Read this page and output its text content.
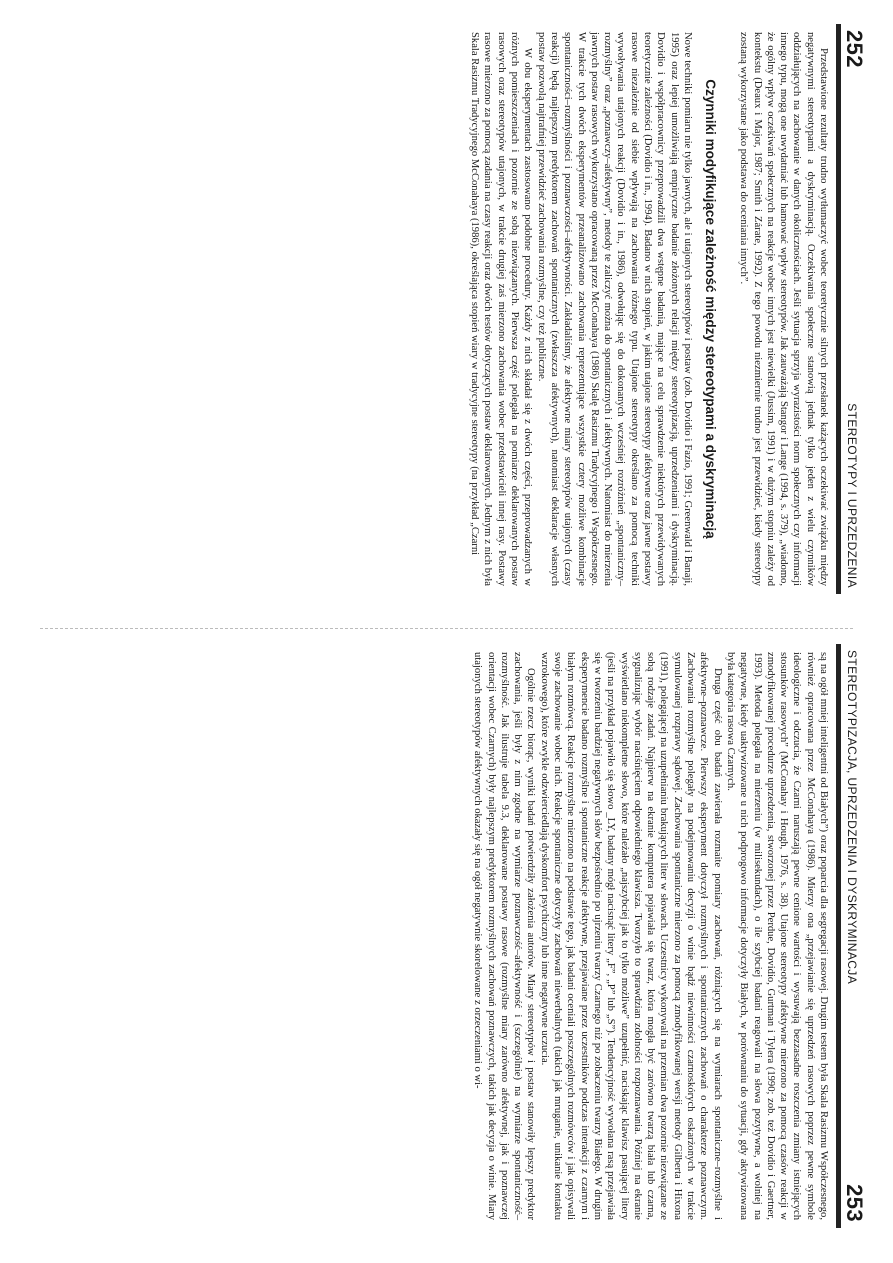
252
STEREOTYPY I UPRZEDZENIA

Przedstawione rezultaty trudno wytłumaczyć wobec teoretycznie silnych przesłanek każących oczekiwać związku między negatywnymi stereotypami a dyskryminacją. Oczekiwania społeczne stanowią jednak tylko jeden z wielu czynników oddziałujących na zachowanie w danych okolicznościach. Jeśli sytuacja sprzyja wyrazistości norm społecznych czy informacji innego typu, mogą one uwydatniać lub hamować wpływ stereotypów. Jak zauważają Stangor i Lange (1994, s. 379), „wiadomo, że ogólny wpływ oczekiwań społecznych na reakcje wobec innych jest niewielki (Jussim, 1991) i w dużym stopniu zależy od kontekstu (Deaux i Major, 1987; Smith i Zárate, 1992). Z tego powodu niezmiernie trudno jest przewidzieć, kiedy stereotypy zostaną wykorzystane jako podstawa do oceniania innych”.

Czynniki modyfikujące zależność między stereotypami a dyskryminacją

Nowe techniki pomiaru nie tylko jawnych, ale i utajonych stereotypów i postaw (zob. Dovidio i Fazio, 1991; Greenwald i Banaji, 1995) oraz lepiej umożliwiają empiryczne badanie złożonych relacji między stereotypizacją, uprzedzeniami i dyskryminacją. Dovidio i współpracownicy przeprowadzili dwa wstępne badania, mające na celu sprawdzenie niektórych przewidywanych teoretycznie zależności (Dovidio i in., 1994). Badano w nich stopień, w jakim utajone stereotypy afektywne oraz jawne postawy rasowe niezależnie od siebie wpływają na zachowania różnego typu. Utajone stereotypy określano za pomocą techniki wywoływania utajonych reakcji (Dovidio i in., 1986), odwołując się do dokonanych wcześniej rozróżnień „spontaniczny–rozmyślny” oraz „poznawczy–afektywny”, metody te zaliczyć można do spontanicznych i afektywnych. Natomiast do mierzenia jawnych postaw rasowych wykorzystano opracowaną przez McConahaya (1986) Skalę Rasizmu Tradycyjnego i Współczesnego. W trakcie tych dwóch eksperymentów przeanalizowano zachowania reprezentujące wszystkie cztery możliwe kombinacje spontaniczności–rozmyślności i poznawczości–afektywności. Zakładaliśmy, że afektywne miary stereotypów utajonych (czasy reakcji) będą najlepszym predyktorem zachowań spontanicznych (zwłaszcza afektywnych), natomiast deklaracje własnych postaw pozwolą najtrafniej przewidzieć zachowania rozmyślne, czy też publiczne.

W obu eksperymentach zastosowano podobne procedury. Każdy z nich składał się z dwóch części, przeprowadzanych w różnych pomieszczeniach i pozornie ze sobą niezwiązanych. Pierwsza część polegała na pomiarze deklarowanych postaw rasowych oraz stereotypów utajonych, w trakcie drugiej zaś mierzono zachowania wobec przedstawicieli innej rasy. Postawy rasowe mierzono za pomocą zadania na czasy reakcji oraz dwóch testów dotyczących postaw deklarowanych. Jednym z nich była Skala Rasizmu Tradycyjnego McConahaya (1986), określająca stopień wiary w tradycyjne stereotypy (na przykład „Czarni

STEREOTYPIZACJA, UPRZEDZENIA I DYSKRYMINACJA
253

są na ogół mniej inteligentni od Białych”) oraz poparcia dla segregacji rasowej. Drugim testem była Skala Rasizmu Współczesnego, również opracowana przez McConahaya (1986). Mierzy ona „przejawianie się uprzedzeń rasowych poprzez pewne symbole ideologiczne i odczucia, że Czarni naruszają pewne cenione wartości i wysuwają bezzasadne roszczenia zmiany istniejących stosunków rasowych” (McConahay i Hough, 1976, s. 38). Utajone stereotypy afektywne mierzono za pomocą czasów reakcji w zmodyfikowanej procedurze uprzedzenia, stworzonej przez Perdue, Dovidio, Gurtman i Tylera (1990; zob. też Dovidio i Gaertner, 1993). Metoda polegała na mierzeniu (w milisekundach), o ile szybciej badani reagowali na słowa pozytywne, a wolniej na negatywne, kiedy uaktywizowane u nich podprogowo informacje dotyczyły Białych, w porównaniu do sytuacji, gdy aktywizowana była kategoria rasowa Czarnych.

Druga część obu badań zawierała rozmaite pomiary zachowań, różniących się na wymiarach spontaniczne–rozmyślne i afektywne–poznawcze. Pierwszy eksperyment dotyczył rozmyślnych i spontanicznych zachowań o charakterze poznawczym. Zachowania rozmyślne polegały na podejmowaniu decyzji o winie bądź niewinności czarnoskórych oskarżonych w trakcie symulowanej rozprawy sądowej. Zachowania spontaniczne mierzono za pomocą zmodyfikowanej wersji metody Gilberta i Hixona (1991), polegającej na uzupełnianiu brakujących liter w słowach. Uczestnicy wykonywali na przemian dwa pozornie niezwiązane ze sobą rodzaje zadań. Najpierw na ekranie komputera pojawiała się twarz, która mogła być zarówno twarzą biała lub czarna, sygnalizując wybór naciśnięciem odpowiedniego klawisza. Tworzyło to sprawdzian zdolności rozpoznawania. Później na ekranie wyświetlano niekompletne słowo, które należało „najszybciej jak to tylko możliwe” uzupełnić, naciskając klawisz pasującej litery (jeśli na przykład pojawiło się słowo _LY, badany mógł nacisnąć litery „F”, „P” lub „S”). Tendencyjność wywołana rasą przejawiała się w tworzeniu bardziej negatywnych słów bezpośrednio po ujrzeniu twarzy Czarnego niż po zobaczeniu twarzy Białego. W drugim eksperymencie badano rozmyślne i spontaniczne reakcje afektywne, przejawiane przez uczestników podczas interakcji z czarnym i białym rozmówcą. Reakcje rozmyślne mierzono na podstawie tego, jak badani oceniali poszczególnych rozmówców i jak opisywali swoje zachowanie wobec nich. Reakcje spontaniczne dotyczyły zachowań niewerbalnych (takich jak mruganie, unikanie kontaktu wzrokowego), które zwykle odzwierciedlają dyskomfort psychiczny lub inne negatywne uczucia.

Ogólnie rzecz biorąc, wyniki badań potwierdziły założenia autorów. Miary stereotypów i postaw stanowiły lepszy predyktor zachowania, jeśli były z nim zgodne na wymiarze poznawczość–afektywność i (szczególnie) na wymiarze spontaniczność–rozmyślność. Jak ilustruje tabela 9.3, deklarowane postawy rasowe (rozmyślne miary zarówno afektywnej, jak i poznawczej orientacji wobec Czarnych) były najlepszym predyktorem rozmyślnych zachowań poznawczych, takich jak decyzja o winie. Miary utajonych stereotypów afektywnych okazały się na ogół negatywnie skorelowane z orzeczeniami o wi-
